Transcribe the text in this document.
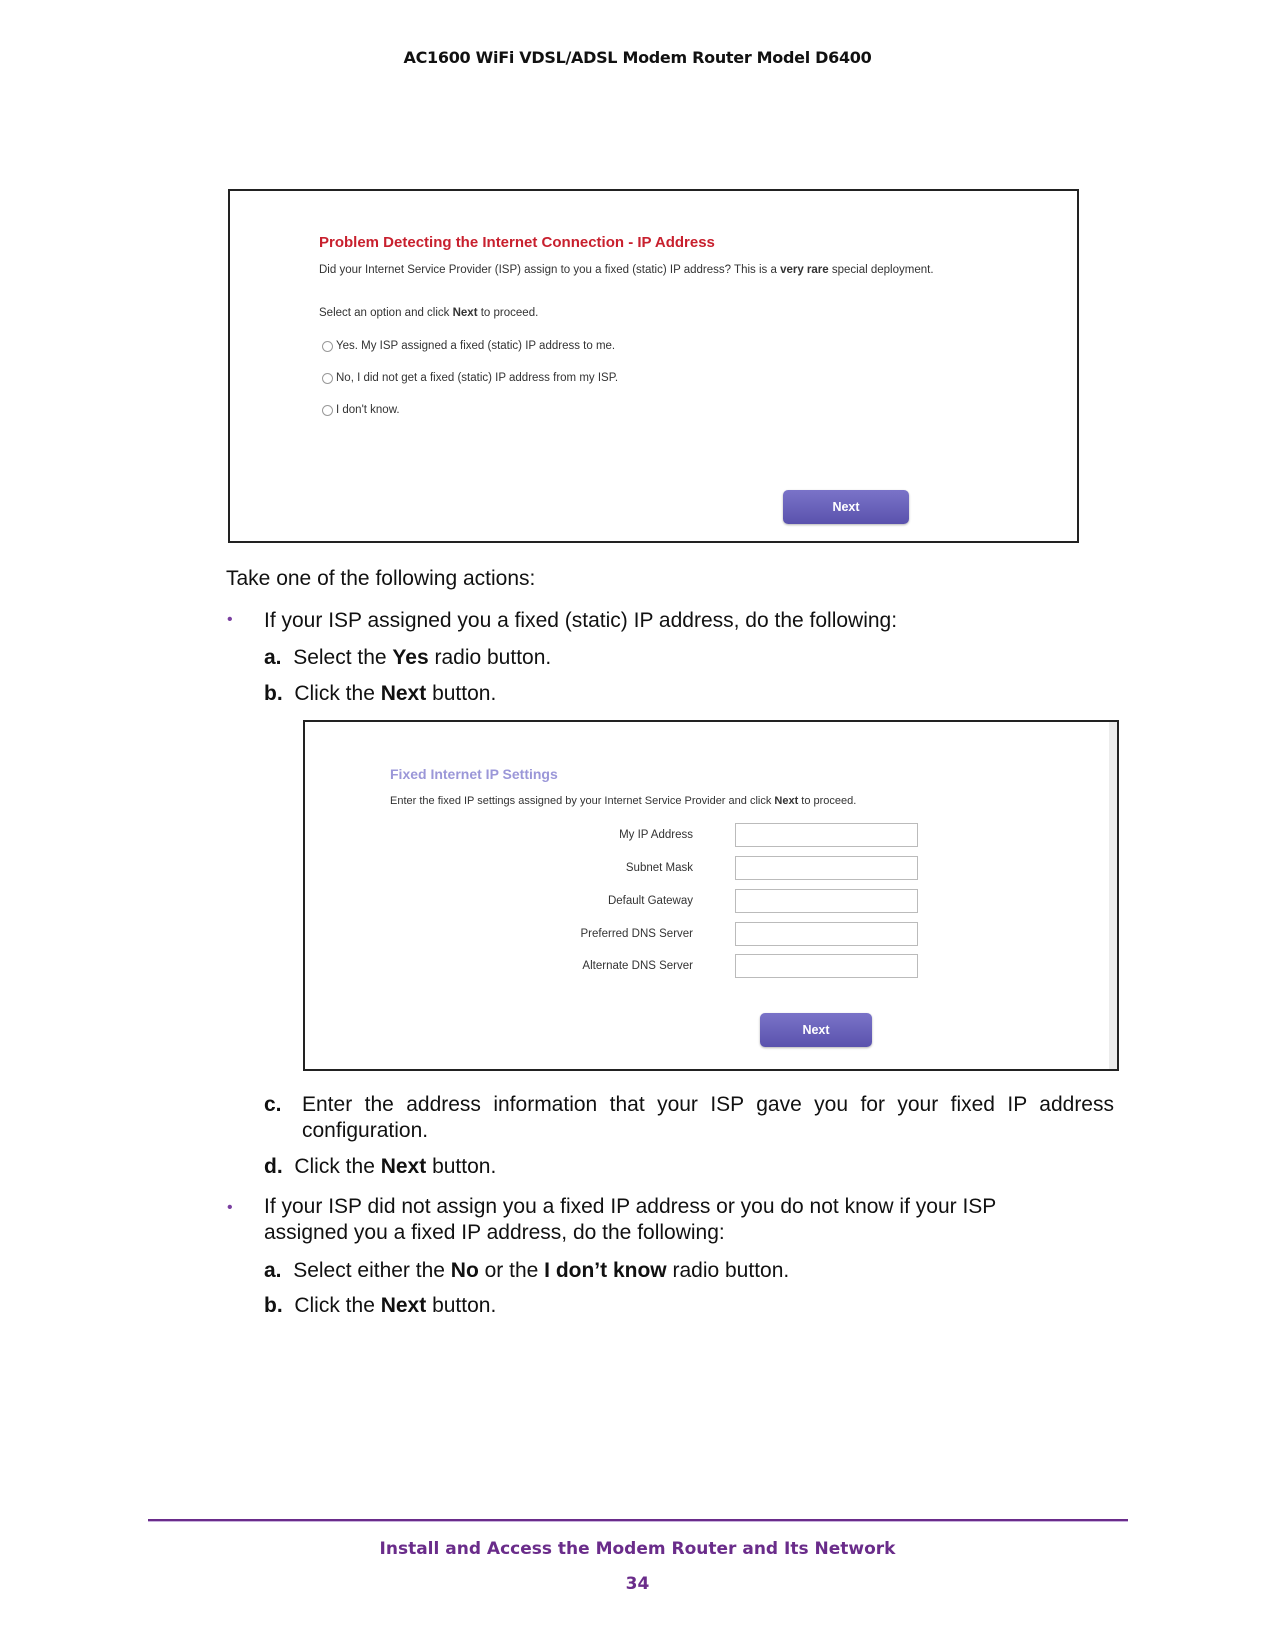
AC1600 WiFi VDSL/ADSL Modem Router Model D6400
Problem Detecting the Internet Connection - IP Address
Did your Internet Service Provider (ISP) assign to you a fixed (static) IP address? This is a very rare special deployment.
Select an option and click Next to proceed.
Yes. My ISP assigned a fixed (static) IP address to me.
No, I did not get a fixed (static) IP address from my ISP.
I don't know.
Next
Take one of the following actions:
• If your ISP assigned you a fixed (static) IP address, do the following:
a. Select the Yes radio button.
b. Click the Next button.
Fixed Internet IP Settings
Enter the fixed IP settings assigned by your Internet Service Provider and click Next to proceed.
My IP Address
Subnet Mask
Default Gateway
Preferred DNS Server
Alternate DNS Server
Next
c. Enter the address information that your ISP gave you for your fixed IP address configuration.
d. Click the Next button.
• If your ISP did not assign you a fixed IP address or you do not know if your ISP assigned you a fixed IP address, do the following:
a. Select either the No or the I don’t know radio button.
b. Click the Next button.
Install and Access the Modem Router and Its Network
34
